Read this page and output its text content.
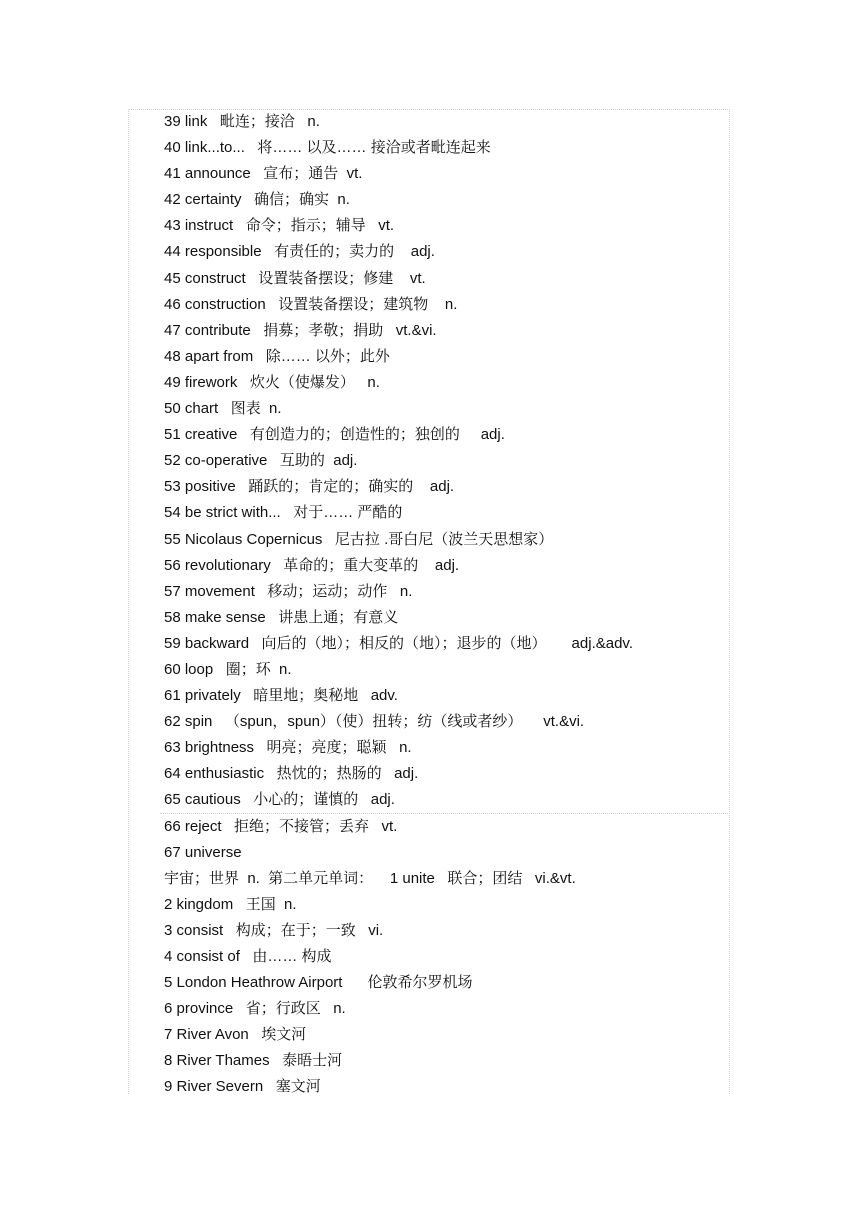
39 link   毗连；接洽   n.
40 link...to...   将…… 以及…… 接洽或者毗连起来
41 announce   宣布；通告  vt.
42 certainty   确信；确实  n.
43 instruct   命令；指示；辅导   vt.
44 responsible   有责任的；卖力的    adj.
45 construct   设置装备摆设；修建    vt.
46 construction   设置装备摆设；建筑物    n.
47 contribute   捐募；孝敬；捐助   vt.&vi.
48 apart from   除…… 以外；此外
49 firework   炊火（使爆发）   n.
50 chart   图表  n.
51 creative   有创造力的；创造性的；独创的     adj.
52 co-operative   互助的  adj.
53 positive   踊跃的；肯定的；确实的    adj.
54 be strict with...   对于…… 严酷的
55 Nicolaus Copernicus   尼古拉 .哥白尼（波兰天思想家）
56 revolutionary   革命的；重大变革的    adj.
57 movement   移动；运动；动作   n.
58 make sense   讲患上通；有意义
59 backward   向后的（地）；相反的（地）；退步的（地）      adj.&adv.
60 loop   圈；环  n.
61 privately   暗里地；奥秘地   adv.
62 spin   （spun，spun）（使）扭转；纺（线或者纱）     vt.&vi.
63 brightness   明亮；亮度；聪颖   n.
64 enthusiastic   热忱的；热肠的   adj.
65 cautious   小心的；谨慎的   adj.
66 reject   拒绝；不接管；丢弃   vt.
67 universe
宇宙；世界  n.  第二单元单词：    1 unite   联合；团结   vi.&vt.
2 kingdom   王国  n.
3 consist   构成；在于；一致   vi.
4 consist of   由…… 构成
5 London Heathrow Airport      伦敦希尔罗机场
6 province   省；行政区   n.
7 River Avon   埃文河
8 River Thames   泰晤士河
9 River Severn   塞文河
